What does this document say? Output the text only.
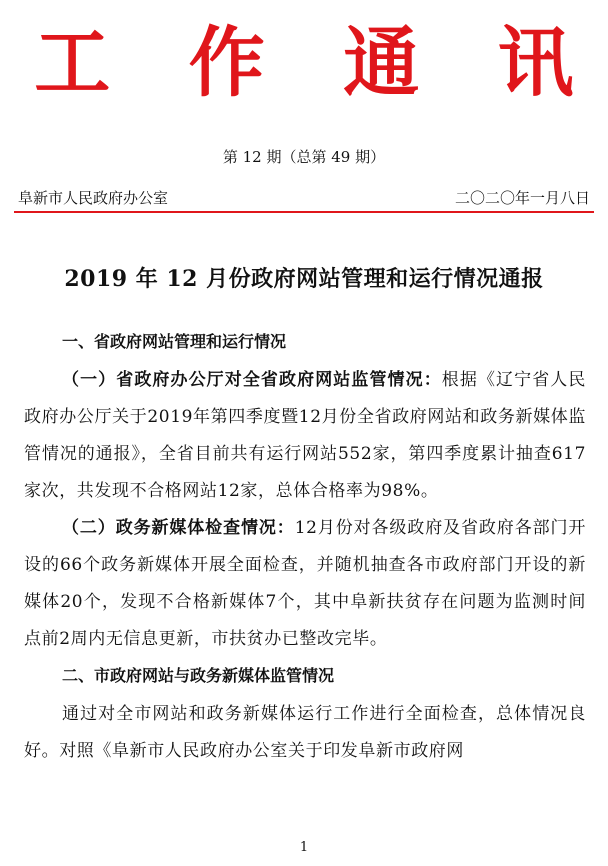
工 作 通 讯
第 12 期（总第 49 期）
阜新市人民政府办公室	二〇二〇年一月八日
2019 年 12 月份政府网站管理和运行情况通报
一、省政府网站管理和运行情况

（一）省政府办公厅对全省政府网站监管情况：根据《辽宁省人民政府办公厅关于2019年第四季度暨12月份全省政府网站和政务新媒体监管情况的通报》，全省目前共有运行网站552家，第四季度累计抽查617家次，共发现不合格网站12家，总体合格率为98%。

（二）政务新媒体检查情况：12月份对各级政府及省政府各部门开设的66个政务新媒体开展全面检查，并随机抽查各市政府部门开设的新媒体20个，发现不合格新媒体7个，其中阜新扶贫存在问题为监测时间点前2周内无信息更新，市扶贫办已整改完毕。

二、市政府网站与政务新媒体监管情况

通过对全市网站和政务新媒体运行工作进行全面检查，总体情况良好。对照《阜新市人民政府办公室关于印发阜新市政府网

1
